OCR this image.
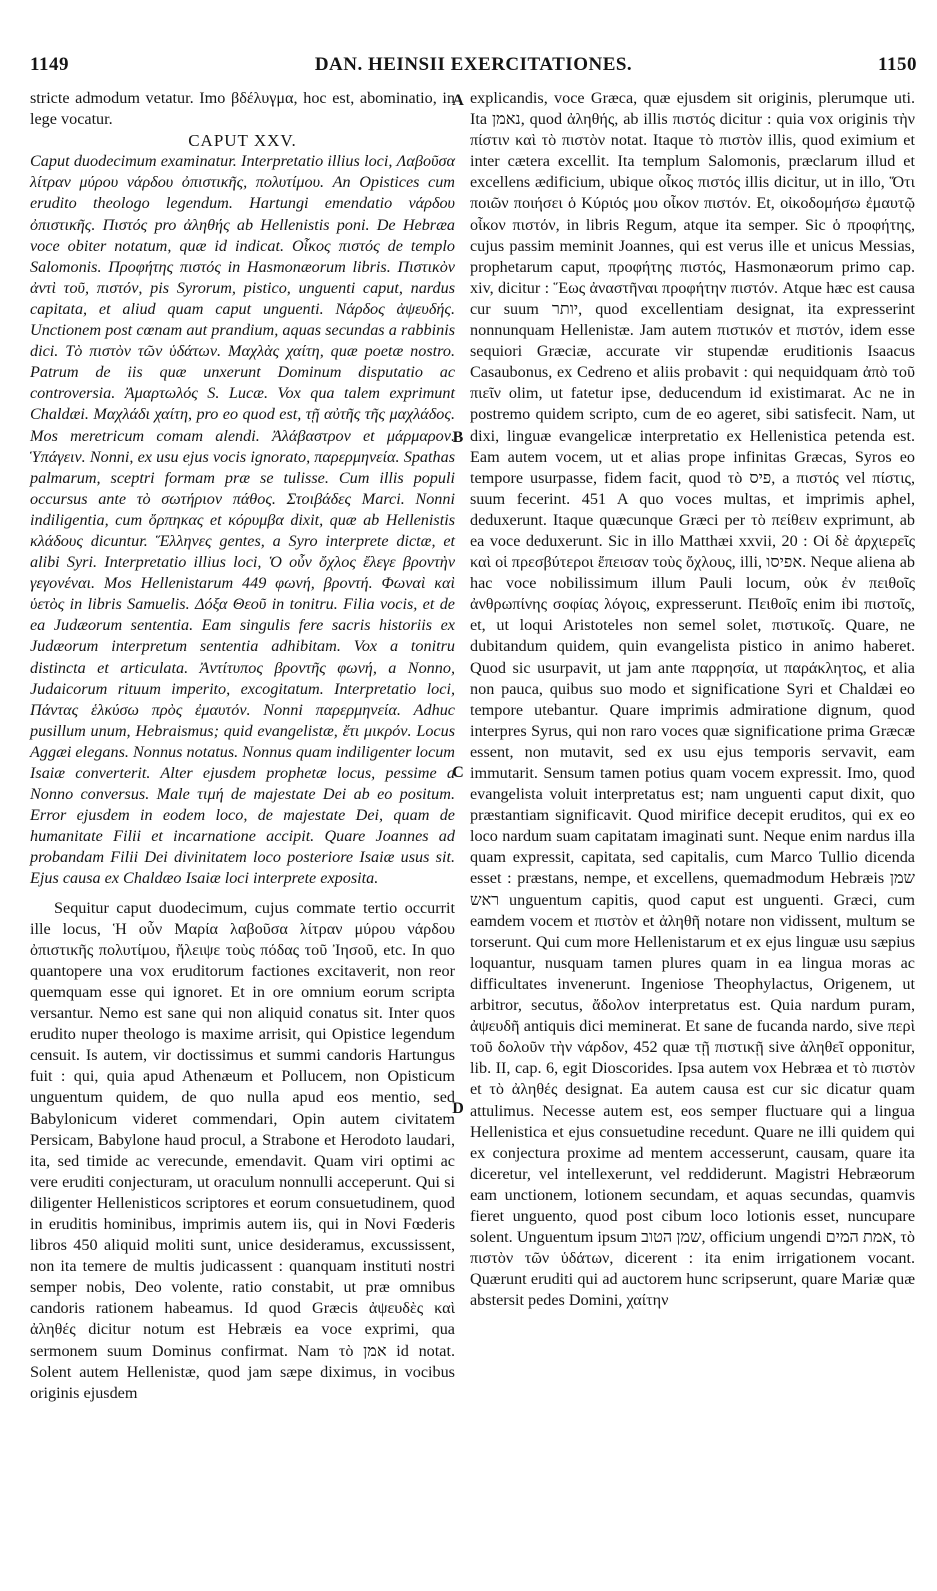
1149	DAN. HEINSII EXERCITATIONES.	1150

stricte admodum vetatur. Imo βδέλυγμα, hoc est, abominatio, in lege vocatur.

CAPUT XXV.

Caput duodecimum examinatur. Interpretatio illius loci, Λαβοῦσα λίτραν μύρου νάρδου ὀπιστικῆς, πολυτίμου. An Opistices cum erudito theologo legendum. Hartungi emendatio νάρδου ὀπιστικῆς. Πιστός pro ἀληθής ab Hellenistis poni. De Hebræa voce obiter notatum, quæ id indicat. Οἶκος πιστός de templo Salomonis. Προφήτης πιστός in Hasmonæorum libris. Πιστικὸν ἀντὶ τοῦ, πιστόν, pis Syrorum, pistico, unguenti caput, nardus capitata, et aliud quam caput unguenti. Νάρδος ἀψευδής. Unctionem post cœnam aut prandium, aquas secundas a rabbinis dici. Τὸ πιστὸν τῶν ὑδάτων. Μαχλὰς χαίτη, quæ poetæ nostro. Patrum de iis quæ unxerunt Dominum disputatio ac controversia. Ἀμαρτωλός S. Lucæ. Vox qua talem exprimunt Chaldæi. Μαχλάδι χαίτη, pro eo quod est, τῇ αὐτῆς τῆς μαχλάδος. Mos meretricum comam alendi. Ἀλάβαστρον et μάρμαρον. Ὑπάγειν. Nonni, ex usu ejus vocis ignorato, παρερμηνεία. Spathas palmarum, sceptri formam præ se tulisse. Cum illis populi occursus ante τὸ σωτήριον πάθος. Στοιβάδες Marci. Nonni indiligentia, cum ὄρπηκας et κόρυμβα dixit, quæ ab Hellenistis κλάδους dicuntur. Ἕλληνες gentes, a Syro interprete dictæ, et alibi Syri. Interpretatio illius loci, Ὁ οὖν ὄχλος ἔλεγε βροντὴν γεγονέναι. Mos Hellenistarum 449 φωνή, βροντή. Φωναὶ καὶ ὑετὸς in libris Samuelis. Δόξα Θεοῦ in tonitru. Filia vocis, et de ea Judæorum sententia. Eam singulis fere sacris historiis ex Judæorum interpretum sententia adhibitam. Vox a tonitru distincta et articulata. Ἀντίτυπος βροντῆς φωνή, a Nonno, Judaicorum rituum imperito, excogitatum. Interpretatio loci, Πάντας ἑλκύσω πρὸς ἐμαυτόν. Nonni παρερμηνεία. Adhuc pusillum unum, Hebraismus; quid evangelistæ, ἔτι μικρόν. Locus Aggæi elegans. Nonnus notatus. Nonnus quam indiligenter locum Isaiæ converterit. Alter ejusdem prophetæ locus, pessime a Nonno conversus. Male τιμή de majestate Dei ab eo positum. Error ejusdem in eodem loco, de majestate Dei, quam de humanitate Filii et incarnatione accipit. Quare Joannes ad probandam Filii Dei divinitatem loco posteriore Isaiæ usus sit. Ejus causa ex Chaldæo Isaiæ loci interprete exposita.

Sequitur caput duodecimum, cujus commate tertio occurrit ille locus, Ἡ οὖν Μαρία λαβοῦσα λίτραν μύρου νάρδου ὀπιστικῆς πολυτίμου, ἤλειψε τοὺς πόδας τοῦ Ἰησοῦ, etc. In quo quantopere una vox eruditorum factiones excitaverit, non reor quemquam esse qui ignoret. Et in ore omnium eorum scripta versantur. Nemo est sane qui non aliquid conatus sit. Inter quos erudito nuper theologo is maxime arrisit, qui Opistice legendum censuit. Is autem, vir doctissimus et summi candoris Hartungus fuit : qui, quia apud Athenæum et Pollucem, non Opisticum unguentum quidem, de quo nulla apud eos mentio, sed Babylonicum videret commendari, Opin autem civitatem Persicam, Babylone haud procul, a Strabone et Herodoto laudari, ita, sed timide ac verecunde, emendavit. Quam viri optimi ac vere eruditi conjecturam, ut oraculum nonnulli acceperunt. Qui si diligenter Hellenisticos scriptores et eorum consuetudinem, quod in eruditis hominibus, imprimis autem iis, qui in Novi Fœderis libros 450 aliquid moliti sunt, unice desideramus, excussissent, non ita temere de multis judicassent : quanquam instituti nostri semper nobis, Deo volente, ratio constabit, ut præ omnibus candoris rationem habeamus. Id quod Græcis ἀψευδὲς καὶ ἀληθές dicitur notum est Hebræis ea voce exprimi, qua sermonem suum Dominus confirmat. Nam τὸ אמן id notat. Solent autem Hellenistæ, quod jam sæpe diximus, in vocibus originis ejusdem

A
B
C
D

explicandis, voce Græca, quæ ejusdem sit originis, plerumque uti. Ita נאמן, quod ἀληθής, ab illis πιστός dicitur : quia vox originis τὴν πίστιν καὶ τὸ πιστὸν notat. Itaque τὸ πιστὸν illis, quod eximium et inter cætera excellit. Ita templum Salomonis, præclarum illud et excellens ædificium, ubique οἶκος πιστός illis dicitur, ut in illo, Ὅτι ποιῶν ποιήσει ὁ Κύριός μου οἶκον πιστόν. Et, οἰκοδομήσω ἐμαυτῷ οἶκον πιστόν, in libris Regum, atque ita semper. Sic ὁ προφήτης, cujus passim meminit Joannes, qui est verus ille et unicus Messias, prophetarum caput, προφήτης πιστός, Hasmonæorum primo cap. xiv, dicitur : Ἕως ἀναστῆναι προφήτην πιστόν. Atque hæc est causa cur suum יותר, quod excellentiam designat, ita expresserint nonnunquam Hellenistæ. Jam autem πιστικόν et πιστόν, idem esse sequiori Græciæ, accurate vir stupendæ eruditionis Isaacus Casaubonus, ex Cedreno et aliis probavit : qui nequidquam ἀπὸ τοῦ πιεῖν olim, ut fatetur ipse, deducendum id existimarat. Ac ne in postremo quidem scripto, cum de eo ageret, sibi satisfecit. Nam, ut dixi, linguæ evangelicæ interpretatio ex Hellenistica petenda est. Eam autem vocem, ut et alias prope infinitas Græcas, Syros eo tempore usurpasse, fidem facit, quod τὸ פיס, a πιστός vel πίστις, suum fecerint. 451 A quo voces multas, et imprimis aphel, deduxerunt. Itaque quæcunque Græci per τὸ πείθειν exprimunt, ab ea voce deduxerunt. Sic in illo Matthæi xxvii, 20 : Οἱ δὲ ἀρχιερεῖς καὶ οἱ πρεσβύτεροι ἔπεισαν τοὺς ὄχλους, illi, אפיסו. Neque aliena ab hac voce nobilissimum illum Pauli locum, οὐκ ἐν πειθοῖς ἀνθρωπίνης σοφίας λόγοις, expresserunt. Πειθοῖς enim ibi πιστοῖς, et, ut loqui Aristoteles non semel solet, πιστικοῖς. Quare, ne dubitandum quidem, quin evangelista pistico in animo haberet. Quod sic usurpavit, ut jam ante παρρησία, ut παράκλητος, et alia non pauca, quibus suo modo et significatione Syri et Chaldæi eo tempore utebantur. Quare imprimis admiratione dignum, quod interpres Syrus, qui non raro voces quæ significatione prima Græcæ essent, non mutavit, sed ex usu ejus temporis servavit, eam immutarit. Sensum tamen potius quam vocem expressit. Imo, quod evangelista voluit interpretatus est; nam unguenti caput dixit, quo præstantiam significavit. Quod mirifice decepit eruditos, qui ex eo loco nardum suam capitatam imaginati sunt. Neque enim nardus illa quam expressit, capitata, sed capitalis, cum Marco Tullio dicenda esset : præstans, nempe, et excellens, quemadmodum Hebræis שמן ראש unguentum capitis, quod caput est unguenti. Græci, cum eamdem vocem et πιστὸν et ἀληθῆ notare non vidissent, multum se torserunt. Qui cum more Hellenistarum et ex ejus linguæ usu sæpius loquantur, nusquam tamen plures quam in ea lingua moras ac difficultates invenerunt. Ingeniose Theophylactus, Origenem, ut arbitror, secutus, ἄδολον interpretatus est. Quia nardum puram, ἀψευδῆ antiquis dici meminerat. Et sane de fucanda nardo, sive περὶ τοῦ δολοῦν τὴν νάρδον, 452 quæ τῇ πιστικῇ sive ἀληθεῖ opponitur, lib. II, cap. 6, egit Dioscorides. Ipsa autem vox Hebræa et τὸ πιστὸν et τὸ ἀληθές designat. Ea autem causa est cur sic dicatur quam attulimus. Necesse autem est, eos semper fluctuare qui a lingua Hellenistica et ejus consuetudine recedunt. Quare ne illi quidem qui ex conjectura proxime ad mentem accesserunt, causam, quare ita diceretur, vel intellexerunt, vel reddiderunt. Magistri Hebræorum eam unctionem, lotionem secundam, et aquas secundas, quamvis fieret unguento, quod post cibum loco lotionis esset, nuncupare solent. Unguentum ipsum שמן הטוב, officium ungendi אמת המים, τὸ πιστὸν τῶν ὑδάτων, dicerent : ita enim irrigationem vocant. Quærunt eruditi qui ad auctorem hunc scripserunt, quare Mariæ quæ abstersit pedes Domini, χαίτην
